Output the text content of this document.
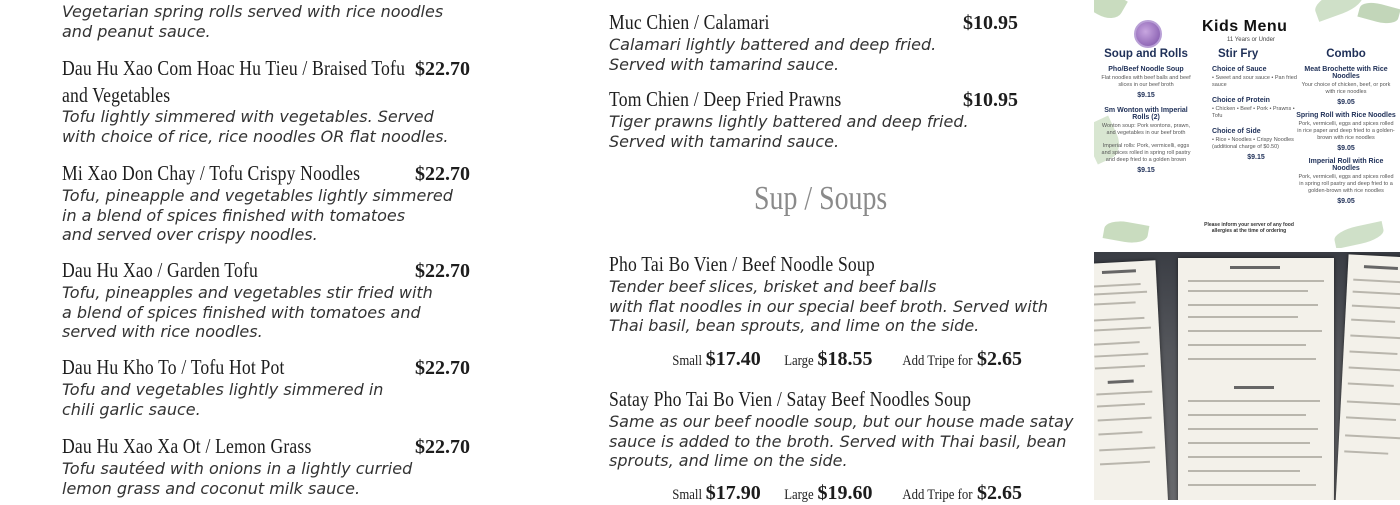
Vegetarian spring rolls served with rice noodles
and peanut sauce.
Dau Hu Xao Com Hoac Hu Tieu / Braised Tofu
and Vegetables
Tofu lightly simmered with vegetables. Served
with choice of rice, rice noodles OR flat noodles.
$22.70
Mi Xao Don Chay / Tofu Crispy Noodles
Tofu, pineapple and vegetables lightly simmered
in a blend of spices finished with tomatoes
and served over crispy noodles.
$22.70
Dau Hu Xao / Garden Tofu
Tofu, pineapples and vegetables stir fried with
a blend of spices finished with tomatoes and
served with rice noodles.
$22.70
Dau Hu Kho To / Tofu Hot Pot
Tofu and vegetables lightly simmered in
chili garlic sauce.
$22.70
Dau Hu Xao Xa Ot / Lemon Grass
Tofu sautéed with onions in a lightly curried
lemon grass and coconut milk sauce.
$22.70
Muc Chien / Calamari
Calamari lightly battered and deep fried.
Served with tamarind sauce.
$10.95
Tom Chien / Deep Fried Prawns
Tiger prawns lightly battered and deep fried.
Served with tamarind sauce.
$10.95
Sup / Soups
Pho Tai Bo Vien / Beef Noodle Soup
Tender beef slices, brisket and beef balls
with flat noodles in our special beef broth. Served with
Thai basil, bean sprouts, and lime on the side.
Small $17.40 Large $18.55 Add Tripe for $2.65
Satay Pho Tai Bo Vien / Satay Beef Noodles Soup
Same as our beef noodle soup, but our house made satay
sauce is added to the broth. Served with Thai basil, bean
sprouts, and lime on the side.
Small $17.90 Large $19.60 Add Tripe for $2.65
Kids Menu
11 Years or Under
Soup and Rolls
Pho/Beef Noodle Soup
Flat noodles with beef balls and beef slices in our beef broth
$9.15
Sm Wonton with Imperial Rolls (2)
Wonton soup: Pork wontons, prawn, and vegetables in our beef broth
Imperial rolls: Pork, vermicelli, eggs and spices rolled in spring roll pastry and deep fried to a golden brown
$9.15
Stir Fry
Choice of Sauce
• Sweet and sour sauce • Pan fried sauce
Choice of Protein
• Chicken • Beef • Pork • Prawns • Tofu
Choice of Side
• Rice • Noodles • Crispy Noodles (additional charge of $0.50)
$9.15
Combo
Meat Brochette with Rice Noodles
Your choice of chicken, beef, or pork with rice noodles
$9.05
Spring Roll with Rice Noodles
Pork, vermicelli, eggs and spices rolled in rice paper and deep fried to a golden-brown with rice noodles
$9.05
Imperial Roll with Rice Noodles
Pork, vermicelli, eggs and spices rolled in spring roll pastry and deep fried to a golden-brown with rice noodles
$9.05
Please inform your server of any food allergies at the time of ordering
